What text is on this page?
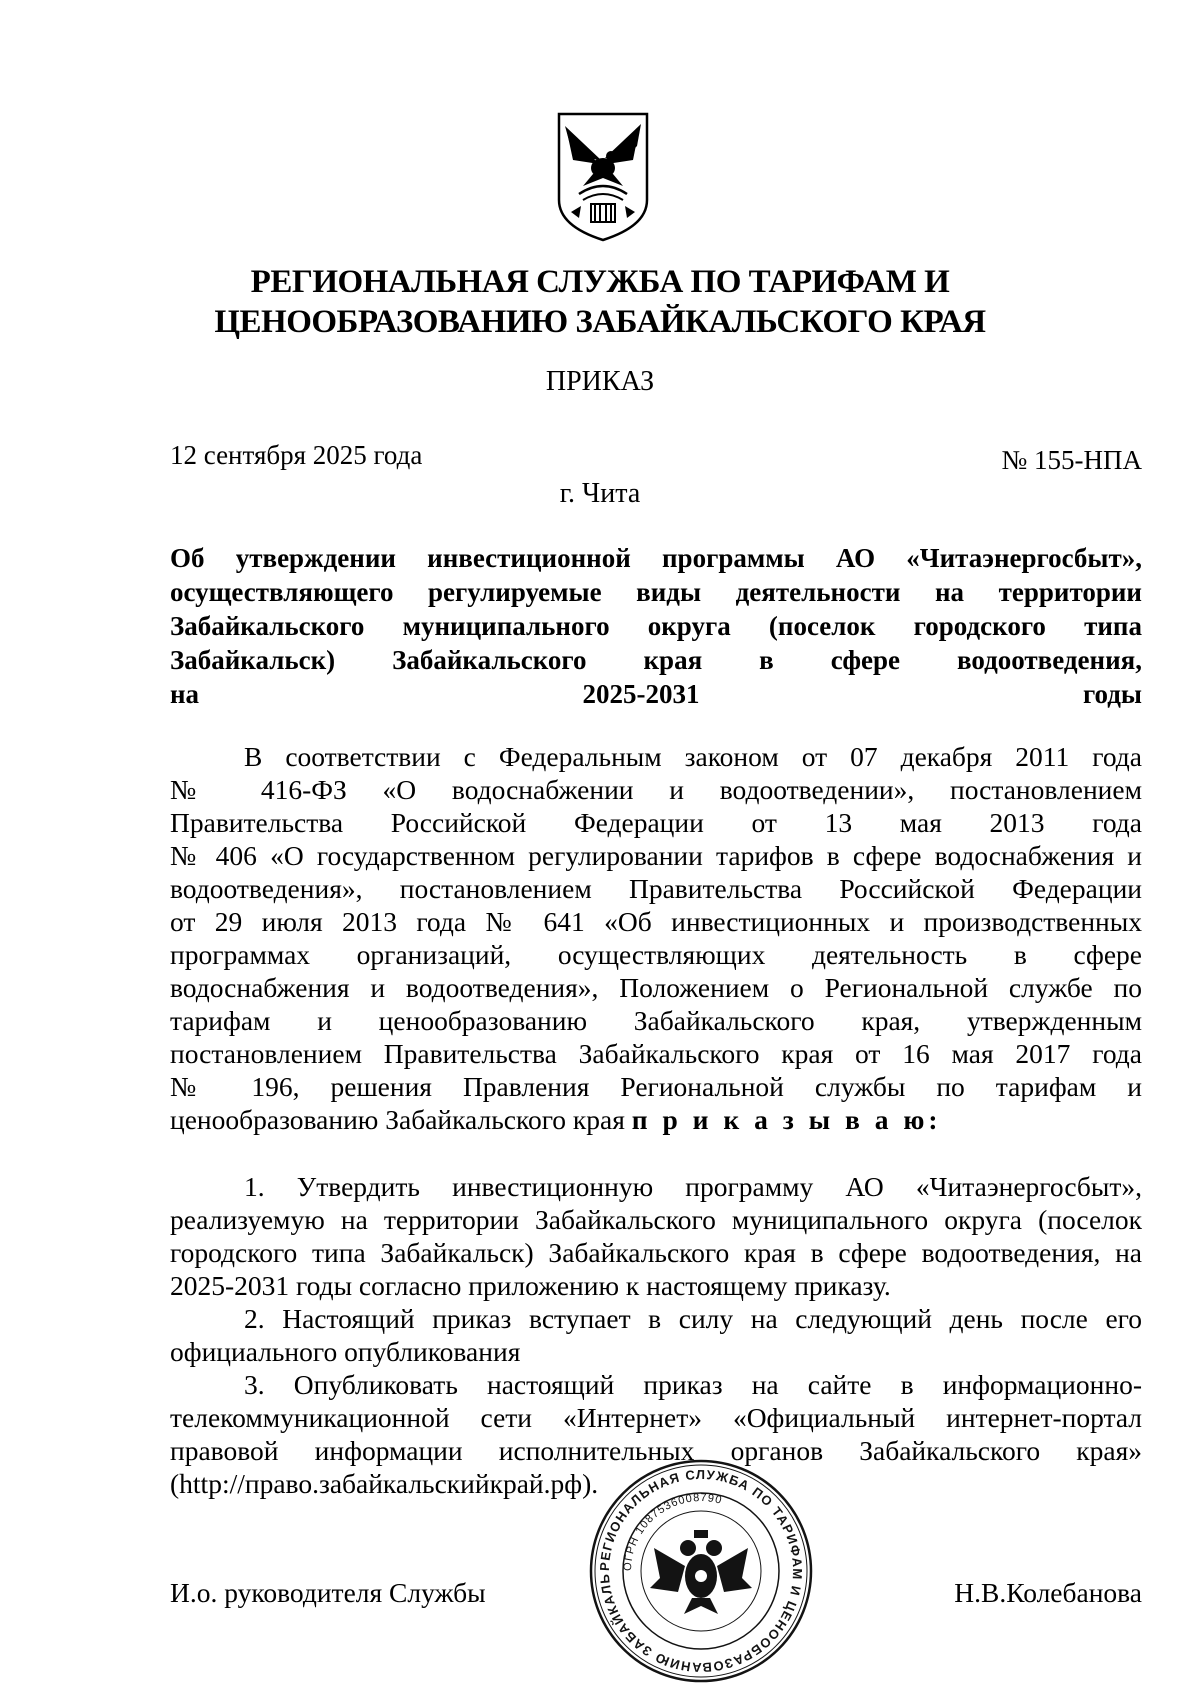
РЕГИОНАЛЬНАЯ СЛУЖБА ПО ТАРИФАМ И
ЦЕНООБРАЗОВАНИЮ ЗАБАЙКАЛЬСКОГО КРАЯ
ПРИКАЗ
12 сентября 2025 года	№ 155-НПА
г. Чита
Об утверждении инвестиционной программы АО «Читаэнергосбыт»,
осуществляющего регулируемые виды деятельности на территории
Забайкальского муниципального округа (поселок городского типа
Забайкальск) Забайкальского края в сфере водоотведения,
на 2025-2031 годы
В соответствии с Федеральным законом от 07 декабря 2011 года
№ 416-ФЗ «О водоснабжении и водоотведении», постановлением
Правительства Российской Федерации от 13 мая 2013 года
№ 406 «О государственном регулировании тарифов в сфере водоснабжения и
водоотведения», постановлением Правительства Российской Федерации
от 29 июля 2013 года № 641 «Об инвестиционных и производственных
программах организаций, осуществляющих деятельность в сфере
водоснабжения и водоотведения», Положением о Региональной службе по
тарифам и ценообразованию Забайкальского края, утвержденным
постановлением Правительства Забайкальского края от 16 мая 2017 года
№ 196, решения Правления Региональной службы по тарифам и
ценообразованию Забайкальского края п р и к а з ы в а ю:
1. Утвердить инвестиционную программу АО «Читаэнергосбыт»,
реализуемую на территории Забайкальского муниципального округа (поселок
городского типа Забайкальск) Забайкальского края в сфере водоотведения, на
2025-2031 годы согласно приложению к настоящему приказу.
2. Настоящий приказ вступает в силу на следующий день после его
официального опубликования
3. Опубликовать настоящий приказ на сайте в информационно-
телекоммуникационной сети «Интернет» «Официальный интернет-портал
правовой информации исполнительных органов Забайкальского края»
(http://право.забайкальскийкрай.рф).
И.о. руководителя Службы	Н.В.Колебанова
РЕГИОНАЛЬНАЯ СЛУЖБА ПО ТАРИФАМ И ЦЕНООБРАЗОВАНИЮ ЗАБАЙКАЛЬ
ОГРН 1087536008790
